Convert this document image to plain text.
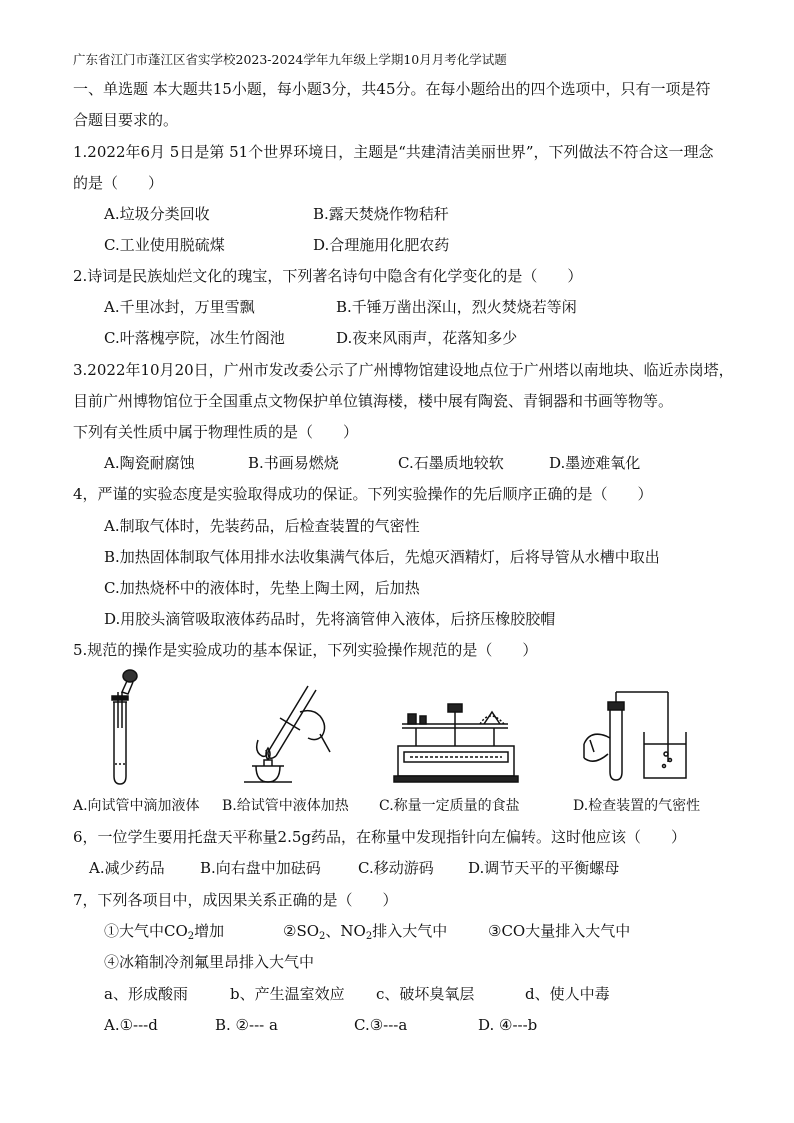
广东省江门市蓬江区省实学校2023-2024学年九年级上学期10月月考化学试题
一、单选题 本大题共15小题，每小题3分，共45分。在每小题给出的四个选项中，只有一项是符
合题目要求的。
1.2022年6月 5日是第 51个世界环境日，主题是“共建清洁美丽世界”，下列做法不符合这一理念
的是（　　）
A.垃圾分类回收	B.露天焚烧作物秸秆
C.工业使用脱硫煤	D.合理施用化肥农药
2.诗词是民族灿烂文化的瑰宝，下列著名诗句中隐含有化学变化的是（　　）
A.千里冰封，万里雪飘	B.千锤万凿出深山，烈火焚烧若等闲
C.叶落槐亭院，冰生竹阁池	D.夜来风雨声，花落知多少
3.2022年10月20日，广州市发改委公示了广州博物馆建设地点位于广州塔以南地块、临近赤岗塔，
目前广州博物馆位于全国重点文物保护单位镇海楼，楼中展有陶瓷、青铜器和书画等物等。
下列有关性质中属于物理性质的是（　　）
A.陶瓷耐腐蚀	B.书画易燃烧	C.石墨质地较软	D.墨迹难氧化
4，严谨的实验态度是实验取得成功的保证。下列实验操作的先后顺序正确的是（　　）
A.制取气体时，先装药品，后检查装置的气密性
B.加热固体制取气体用排水法收集满气体后，先熄灭酒精灯，后将导管从水槽中取出
C.加热烧杯中的液体时，先垫上陶土网，后加热
D.用胶头滴管吸取液体药品时，先将滴管伸入液体，后挤压橡胶胶帽
5.规范的操作是实验成功的基本保证，下列实验操作规范的是（　　）
A.向试管中滴加液体 B.给试管中液体加热 C.称量一定质量的食盐	D.检查装置的气密性
6，一位学生要用托盘天平称量2.5g药品，在称量中发现指针向左偏转。这时他应该（　　）
A.减少药品 B.向右盘中加砝码 C.移动游码 D.调节天平的平衡螺母
7，下列各项目中，成因果关系正确的是（　　）
①大气中$CO_2$增加	$②SO_2$、$NO_2$排入大气中	③CO大量排入大气中
④冰箱制冷剂氟里昂排入大气中
a、形成酸雨	b、产生温室效应 c、破坏臭氧层	d、使人中毒
A.①---d	B. ②--- a	C.③---a	D. ④---b
